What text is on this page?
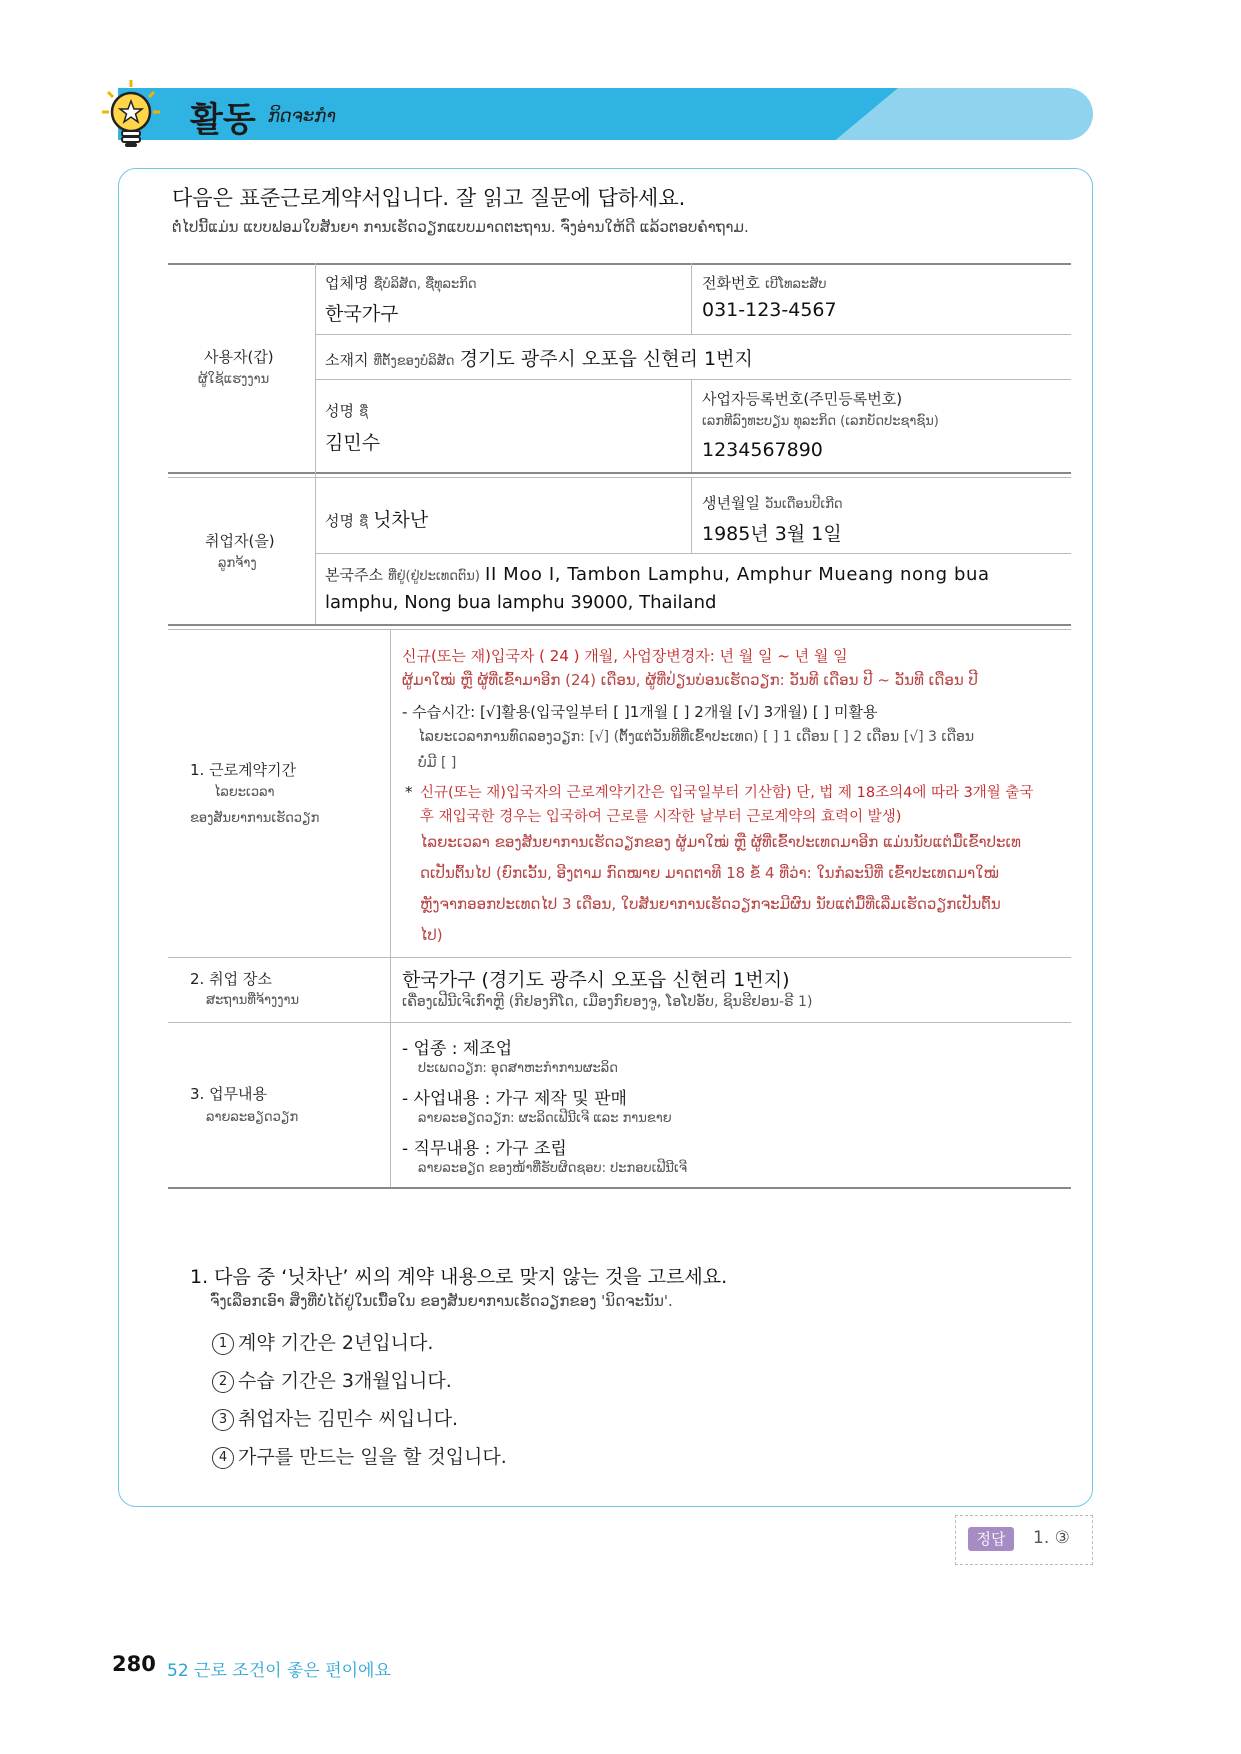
활동 ກິດຈະກຳ
다음은 표준근로계약서입니다. 잘 읽고 질문에 답하세요.
ຕໍ່ໄປນີ້ແມ່ນ ແບບຟອມໃບສັນຍາ ການເຮັດວຽກແບບມາດຕະຖານ. ຈົ່ງອ່ານໃຫ້ດີ ແລ້ວຕອບຄຳຖາມ.
사용자(갑)
ຜູ້ໃຊ້ແຮງງານ
업체명 ຊື່ບໍລິສັດ, ຊື່ທຸລະກິດ
한국가구
전화번호 ເບີໂທລະສັບ
031-123-4567
소재지 ທີ່ຕັ້ງຂອງບໍລິສັດ 경기도 광주시 오포읍 신현리 1번지
성명 ຊື່
김민수
사업자등록번호(주민등록번호)
ເລກທີລົງທະບຽນ ທຸລະກິດ (ເລກບັດປະຊາຊົນ)
1234567890
취업자(을)
ລູກຈ້າງ
성명 ຊື່ 닛차난
생년월일 ວັນເດືອນປີເກີດ
1985년 3월 1일
본국주소 ທີ່ຢູ່(ຢູ່ປະເທດຕົນ) II Moo I, Tambon Lamphu, Amphur Mueang nong bua
lamphu, Nong bua lamphu 39000, Thailand
1. 근로계약기간
ໄລຍະເວລາ
ຂອງສັນຍາການເຮັດວຽກ
신규(또는 재)입국자 ( 24 ) 개월, 사업장변경자: 년 월 일 ~ 년 월 일
ຜູ້ມາໃໝ່ ຫຼື ຜູ້ທີ່ເຂົ້າມາອີກ (24) ເດືອນ, ຜູ້ທີ່ປ່ຽນບ່ອນເຮັດວຽກ: ວັນທີ ເດືອນ ປີ ~ ວັນທີ ເດືອນ ປີ
- 수습시간: [√]활용(입국일부터 [ ]1개월 [ ] 2개월 [√] 3개월) [ ] 미활용
ໄລຍະເວລາການທົດລອງວຽກ: [√] (ຕັ້ງແຕ່ວັນທີທີ່ເຂົ້າປະເທດ) [ ] 1 ເດືອນ [ ] 2 ເດືອນ [√] 3 ເດືອນ
ບໍ່ມີ [ ]
* 신규(또는 재)입국자의 근로계약기간은 입국일부터 기산함) 단, 법 제 18조의4에 따라 3개월 출국
후 재입국한 경우는 입국하여 근로를 시작한 날부터 근로계약의 효력이 발생)
ໄລຍະເວລາ ຂອງສັນຍາການເຮັດວຽກຂອງ ຜູ້ມາໃໝ່ ຫຼື ຜູ້ທີ່ເຂົ້າປະເທດມາອີກ ແມ່ນນັບແຕ່ມື້ເຂົ້າປະເທ
ດເປັນຕົ້ນໄປ (ຍົກເວັ້ນ, ອີງຕາມ ກົດໝາຍ ມາດຕາທີ 18 ຂໍ້ 4 ທີ່ວ່າ: ໃນກໍລະນີທີ່ ເຂົ້າປະເທດມາໃໝ່
ຫຼັງຈາກອອກປະເທດໄປ 3 ເດືອນ, ໃບສັນຍາການເຮັດວຽກຈະມີຜົນ ນັບແຕ່ມື້ທີ່ເລີ່ມເຮັດວຽກເປັນຕົ້ນ
ໄປ)
2. 취업 장소
ສະຖານທີ່ຈ້າງງານ
한국가구 (경기도 광주시 오포읍 신현리 1번지)
ເຄື່ອງເຟີນີເຈີເກົາຫຼີ (ກີຢອງກີໂດ, ເມືອງກົຍອງຈູ, ໂອໂປອັບ, ຊິນຮີຢອນ-ຣີ 1)
3. 업무내용
ລາຍລະອຽດວຽກ
- 업종 : 제조업
ປະເພດວຽກ: ອຸດສາຫະກຳການຜະລິດ
- 사업내용 : 가구 제작 및 판매
ລາຍລະອຽດວຽກ: ຜະລິດເຟີນີເຈີ ແລະ ການຂາຍ
- 직무내용 : 가구 조립
ລາຍລະອຽດ ຂອງໜ້າທີ່ຮັບຜິດຊອບ: ປະກອບເຟີນີເຈີ
1. 다음 중 ‘닛차난’ 씨의 계약 내용으로 맞지 않는 것을 고르세요.
ຈົ່ງເລືອກເອົາ ສິ່ງທີ່ບໍ່ໄດ້ຢູ່ໃນເນື້ອໃນ ຂອງສັນຍາການເຮັດວຽກຂອງ 'ນິດຈະນັນ'.
1 계약 기간은 2년입니다.
2 수습 기간은 3개월입니다.
3 취업자는 김민수 씨입니다.
4 가구를 만드는 일을 할 것입니다.
정답	1. ③
280 52 근로 조건이 좋은 편이에요
